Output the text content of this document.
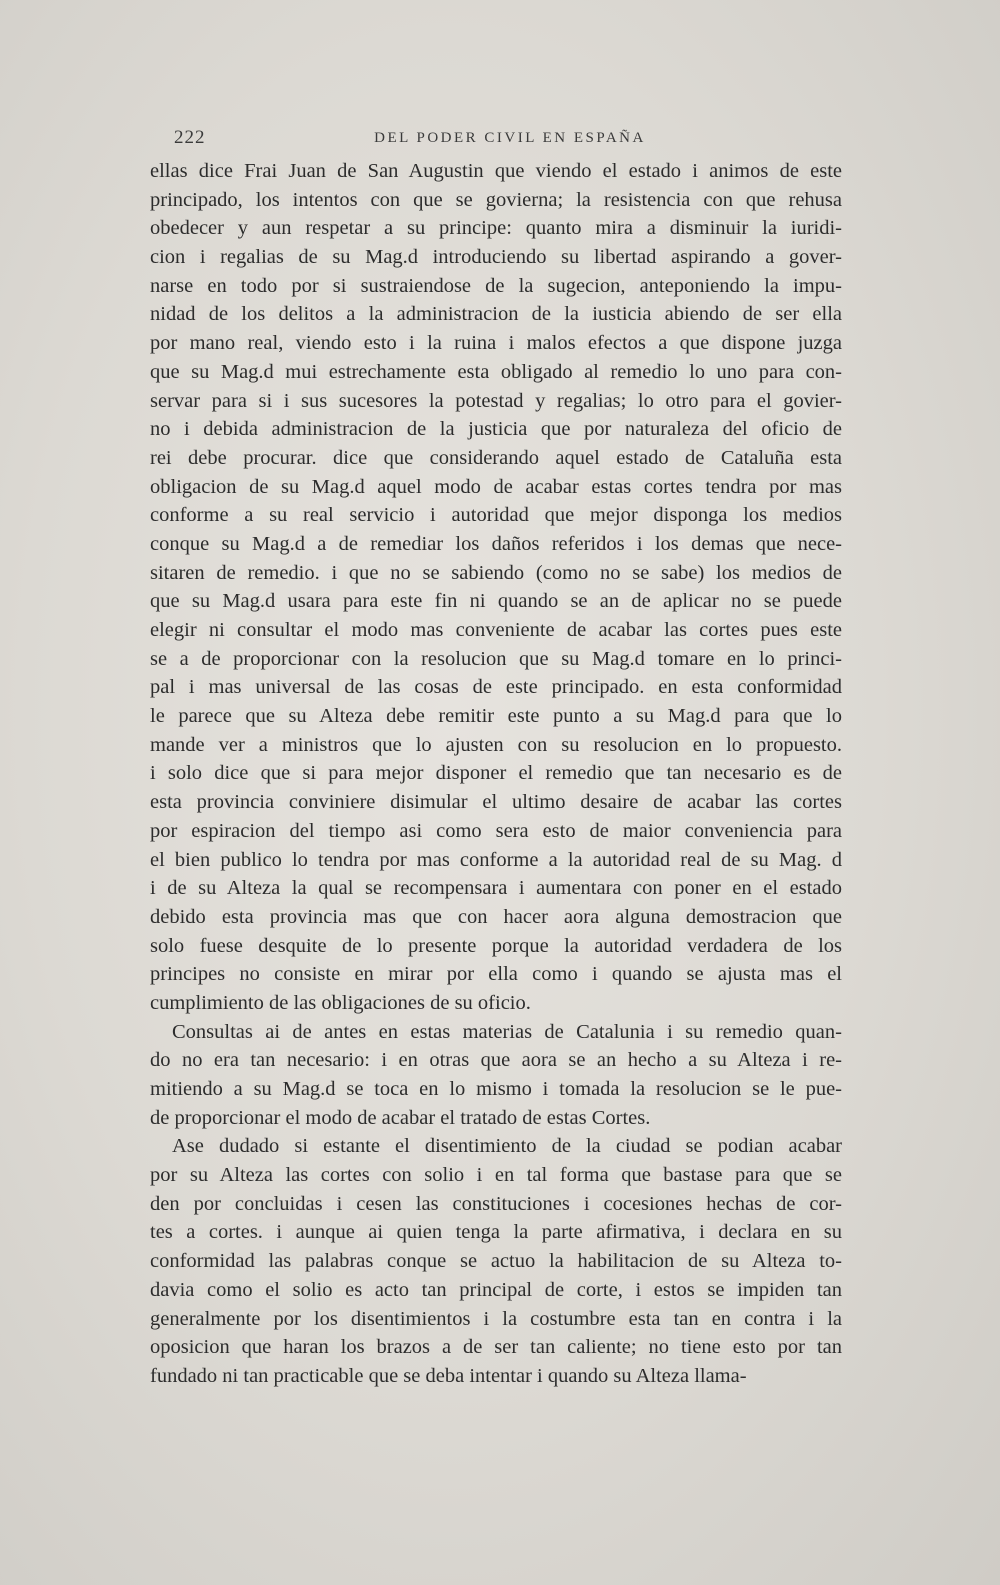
222	DEL PODER CIVIL EN ESPAÑA
ellas dice Frai Juan de San Augustin que viendo el estado i animos de este
principado, los intentos con que se govierna; la resistencia con que rehusa
obedecer y aun respetar a su principe: quanto mira a disminuir la iuridi-
cion i regalias de su Mag.d introduciendo su libertad aspirando a gover-
narse en todo por si sustraiendose de la sugecion, anteponiendo la impu-
nidad de los delitos a la administracion de la iusticia abiendo de ser ella
por mano real, viendo esto i la ruina i malos efectos a que dispone juzga
que su Mag.d mui estrechamente esta obligado al remedio lo uno para con-
servar para si i sus sucesores la potestad y regalias; lo otro para el govier-
no i debida administracion de la justicia que por naturaleza del oficio de
rei debe procurar. dice que considerando aquel estado de Cataluña esta
obligacion de su Mag.d aquel modo de acabar estas cortes tendra por mas
conforme a su real servicio i autoridad que mejor disponga los medios
conque su Mag.d a de remediar los daños referidos i los demas que nece-
sitaren de remedio. i que no se sabiendo (como no se sabe) los medios de
que su Mag.d usara para este fin ni quando se an de aplicar no se puede
elegir ni consultar el modo mas conveniente de acabar las cortes pues este
se a de proporcionar con la resolucion que su Mag.d tomare en lo princi-
pal i mas universal de las cosas de este principado. en esta conformidad
le parece que su Alteza debe remitir este punto a su Mag.d para que lo
mande ver a ministros que lo ajusten con su resolucion en lo propuesto.
i solo dice que si para mejor disponer el remedio que tan necesario es de
esta provincia conviniere disimular el ultimo desaire de acabar las cortes
por espiracion del tiempo asi como sera esto de maior conveniencia para
el bien publico lo tendra por mas conforme a la autoridad real de su Mag. d
i de su Alteza la qual se recompensara i aumentara con poner en el estado
debido esta provincia mas que con hacer aora alguna demostracion que
solo fuese desquite de lo presente porque la autoridad verdadera de los
principes no consiste en mirar por ella como i quando se ajusta mas el
cumplimiento de las obligaciones de su oficio.
Consultas ai de antes en estas materias de Catalunia i su remedio quan-
do no era tan necesario: i en otras que aora se an hecho a su Alteza i re-
mitiendo a su Mag.d se toca en lo mismo i tomada la resolucion se le pue-
de proporcionar el modo de acabar el tratado de estas Cortes.
Ase dudado si estante el disentimiento de la ciudad se podian acabar
por su Alteza las cortes con solio i en tal forma que bastase para que se
den por concluidas i cesen las constituciones i cocesiones hechas de cor-
tes a cortes. i aunque ai quien tenga la parte afirmativa, i declara en su
conformidad las palabras conque se actuo la habilitacion de su Alteza to-
davia como el solio es acto tan principal de corte, i estos se impiden tan
generalmente por los disentimientos i la costumbre esta tan en contra i la
oposicion que haran los brazos a de ser tan caliente; no tiene esto por tan
fundado ni tan practicable que se deba intentar i quando su Alteza llama-
